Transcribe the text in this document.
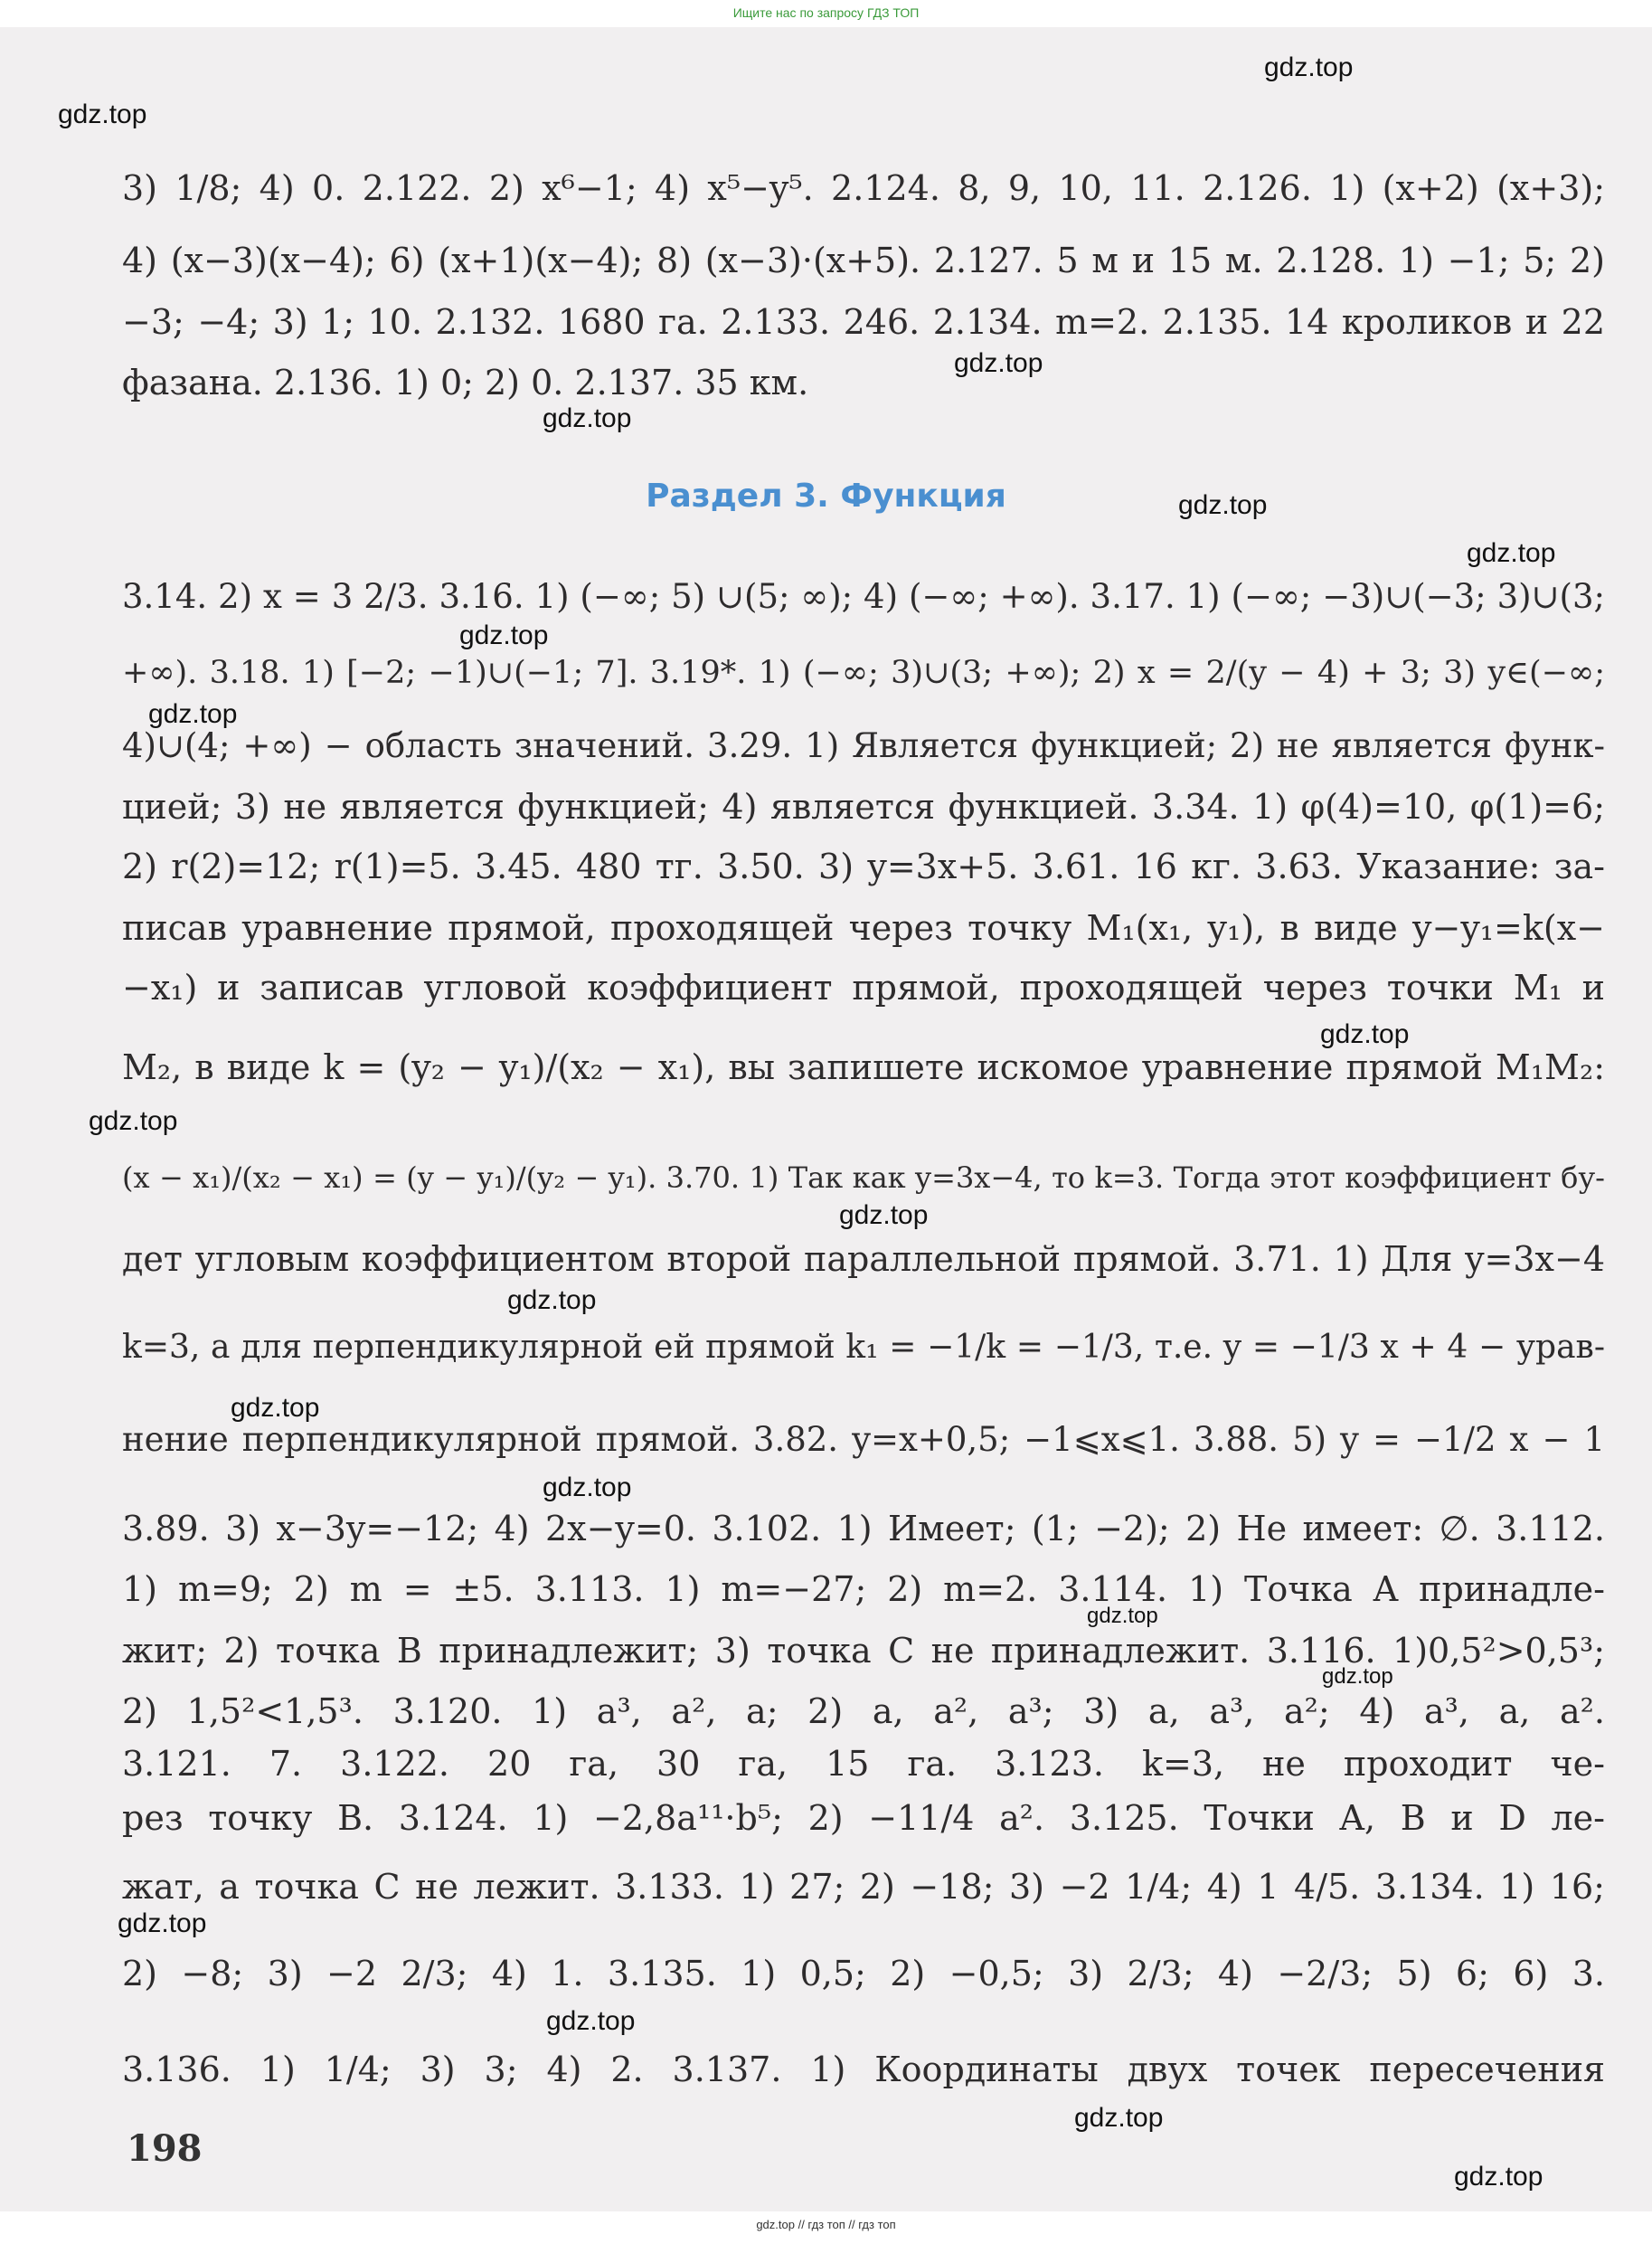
Ищите нас по запросу ГДЗ ТОП
3) 1/8; 4) 0. 2.122. 2) x⁶−1; 4) x⁵−y⁵. 2.124. 8, 9, 10, 11. 2.126. 1) (x+2) (x+3);
4) (x−3)(x−4); 6) (x+1)(x−4); 8) (x−3)·(x+5). 2.127. 5 м и 15 м. 2.128. 1) −1; 5; 2)
−3; −4; 3) 1; 10. 2.132. 1680 га. 2.133. 246. 2.134. m=2. 2.135. 14 кроликов и 22
фазана. 2.136. 1) 0; 2) 0. 2.137. 35 км.
Раздел 3. Функция
3.14. 2) x = 3 2/3. 3.16. 1) (−∞; 5) ∪(5; ∞); 4) (−∞; +∞). 3.17. 1) (−∞; −3)∪(−3; 3)∪(3;
+∞). 3.18. 1) [−2; −1)∪(−1; 7]. 3.19*. 1) (−∞; 3)∪(3; +∞); 2) x = 2/(y − 4) + 3; 3) y∈(−∞;
4)∪(4; +∞) − область значений. 3.29. 1) Является функцией; 2) не является функ-
цией; 3) не является функцией; 4) является функцией. 3.34. 1) φ(4)=10, φ(1)=6;
2) r(2)=12; r(1)=5. 3.45. 480 тг. 3.50. 3) y=3x+5. 3.61. 16 кг. 3.63. Указание: за-
писав уравнение прямой, проходящей через точку M₁(x₁, y₁), в виде y−y₁=k(x−
−x₁) и записав угловой коэффициент прямой, проходящей через точки M₁ и
M₂, в виде k = (y₂ − y₁)/(x₂ − x₁), вы запишете искомое уравнение прямой M₁M₂:
(x − x₁)/(x₂ − x₁) = (y − y₁)/(y₂ − y₁). 3.70. 1) Так как y=3x−4, то k=3. Тогда этот коэффициент бу-
дет угловым коэффициентом второй параллельной прямой. 3.71. 1) Для y=3x−4
k=3, а для перпендикулярной ей прямой k₁ = −1/k = −1/3, т.е. y = −1/3 x + 4 − урав-
нение перпендикулярной прямой. 3.82. y=x+0,5; −1⩽x⩽1. 3.88. 5) y = −1/2 x − 1
3.89. 3) x−3y=−12; 4) 2x−y=0. 3.102. 1) Имеет; (1; −2); 2) Не имеет: ∅. 3.112.
1) m=9; 2) m = ±5. 3.113. 1) m=−27; 2) m=2. 3.114. 1) Точка A принадле-
жит; 2) точка B принадлежит; 3) точка C не принадлежит. 3.116. 1)0,5²>0,5³;
2) 1,5²<1,5³. 3.120. 1) a³, a², a; 2) a, a², a³; 3) a, a³, a²; 4) a³, a, a².
3.121. 7. 3.122. 20 га, 30 га, 15 га. 3.123. k=3, не проходит че-
рез точку B. 3.124. 1) −2,8a¹¹·b⁵; 2) −11/4 a². 3.125. Точки A, B и D ле-
жат, а точка C не лежит. 3.133. 1) 27; 2) −18; 3) −2 1/4; 4) 1 4/5. 3.134. 1) 16;
2) −8; 3) −2 2/3; 4) 1. 3.135. 1) 0,5; 2) −0,5; 3) 2/3; 4) −2/3; 5) 6; 6) 3.
3.136. 1) 1/4; 3) 3; 4) 2. 3.137. 1) Координаты двух точек пересечения
198
gdz.top
gdz.top
gdz.top
gdz.top
gdz.top
gdz.top
gdz.top
gdz.top
gdz.top
gdz.top
gdz.top
gdz.top
gdz.top
gdz.top
gdz.top
gdz.top
gdz.top
gdz.top
gdz.top
gdz.top
gdz.top // гдз топ // гдз топ
